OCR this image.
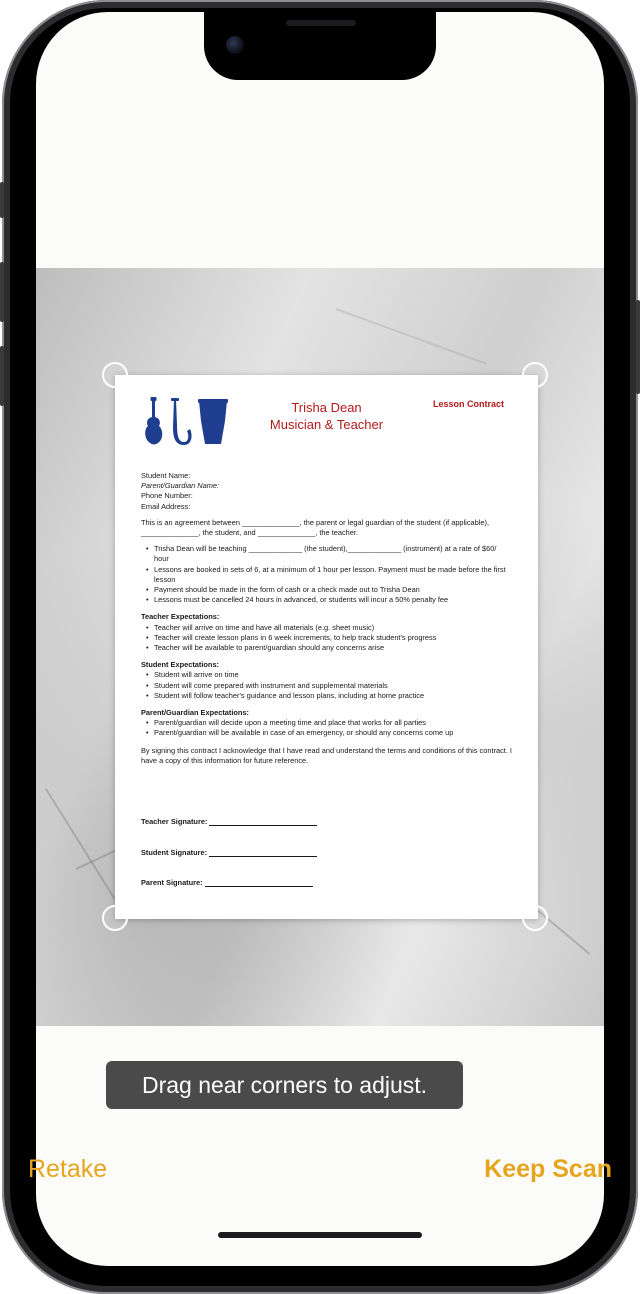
Trisha Dean
Musician & Teacher
Lesson Contract

Student Name:
Parent/Guardian Name:
Phone Number:
Email Address:

This is an agreement between ______________, the parent or legal guardian of the student (if applicable), ______________, the student, and ______________, the teacher.

• Trisha Dean will be teaching _____________ (the student),_____________ (instrument) at a rate of $60/ hour
• Lessons are booked in sets of 6, at a minimum of 1 hour per lesson. Payment must be made before the first lesson
• Payment should be made in the form of cash or a check made out to Trisha Dean
• Lessons must be cancelled 24 hours in advanced, or students will incur a 50% penalty fee
Teacher Expectations:
• Teacher will arrive on time and have all materials (e.g. sheet music)
• Teacher will create lesson plans in 6 week increments, to help track student's progress
• Teacher will be available to parent/guardian should any concerns arise
Student Expectations:
• Student will arrive on time
• Student will come prepared with instrument and supplemental materials
• Student will follow teacher's guidance and lesson plans, including at home practice
Parent/Guardian Expectations:
• Parent/guardian will decide upon a meeting time and place that works for all parties
• Parent/guardian will be available in case of an emergency, or should any concerns come up

By signing this contract I acknowledge that I have read and understand the terms and conditions of this contract. I have a copy of this information for future reference.

Teacher Signature:
Student Signature:
Parent Signature:
Drag near corners to adjust.
Retake	Keep Scan
